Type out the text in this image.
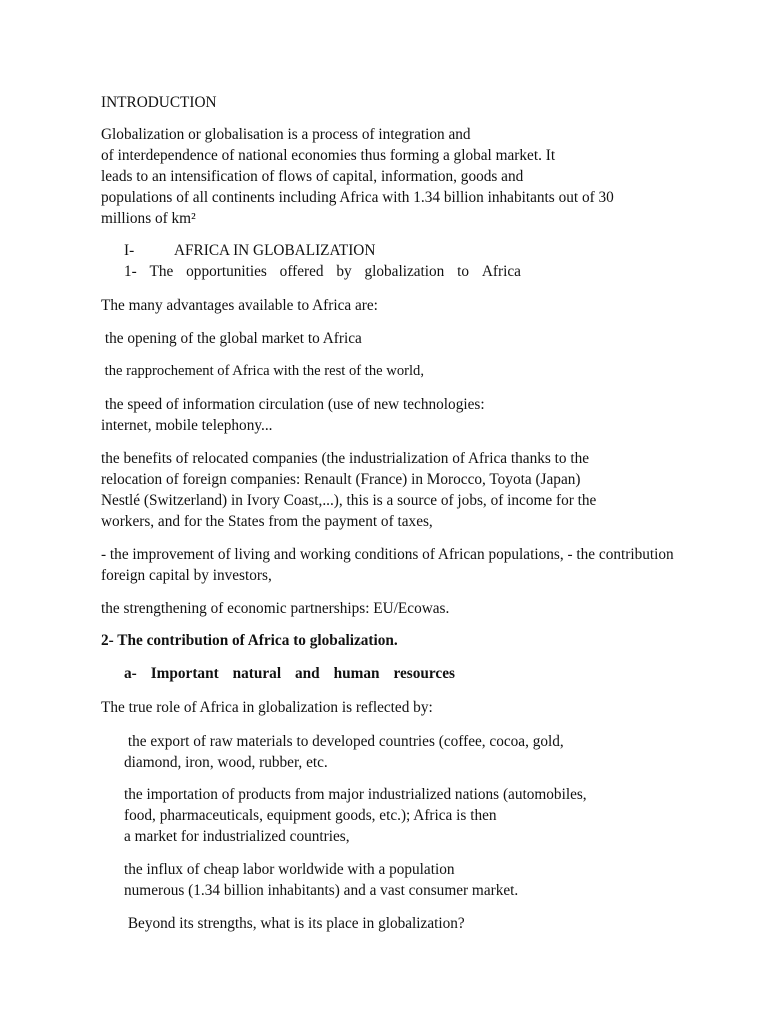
INTRODUCTION
Globalization or globalisation is a process of integration and
of interdependence of national economies thus forming a global market. It
leads to an intensification of flows of capital, information, goods and
populations of all continents including Africa with 1.34 billion inhabitants out of 30
millions of km²
I-	AFRICA IN GLOBALIZATION
1- The opportunities offered by globalization to Africa
The many advantages available to Africa are:
the opening of the global market to Africa
the rapprochement of Africa with the rest of the world,
the speed of information circulation (use of new technologies:
internet, mobile telephony...
the benefits of relocated companies (the industrialization of Africa thanks to the
relocation of foreign companies: Renault (France) in Morocco, Toyota (Japan)
Nestlé (Switzerland) in Ivory Coast,...), this is a source of jobs, of income for the
workers, and for the States from the payment of taxes,
- the improvement of living and working conditions of African populations, - the contribution
foreign capital by investors,
the strengthening of economic partnerships: EU/Ecowas.
2- The contribution of Africa to globalization.
a- Important natural and human resources
The true role of Africa in globalization is reflected by:
the export of raw materials to developed countries (coffee, cocoa, gold,
diamond, iron, wood, rubber, etc.
the importation of products from major industrialized nations (automobiles,
food, pharmaceuticals, equipment goods, etc.); Africa is then
a market for industrialized countries,
the influx of cheap labor worldwide with a population
numerous (1.34 billion inhabitants) and a vast consumer market.
Beyond its strengths, what is its place in globalization?
